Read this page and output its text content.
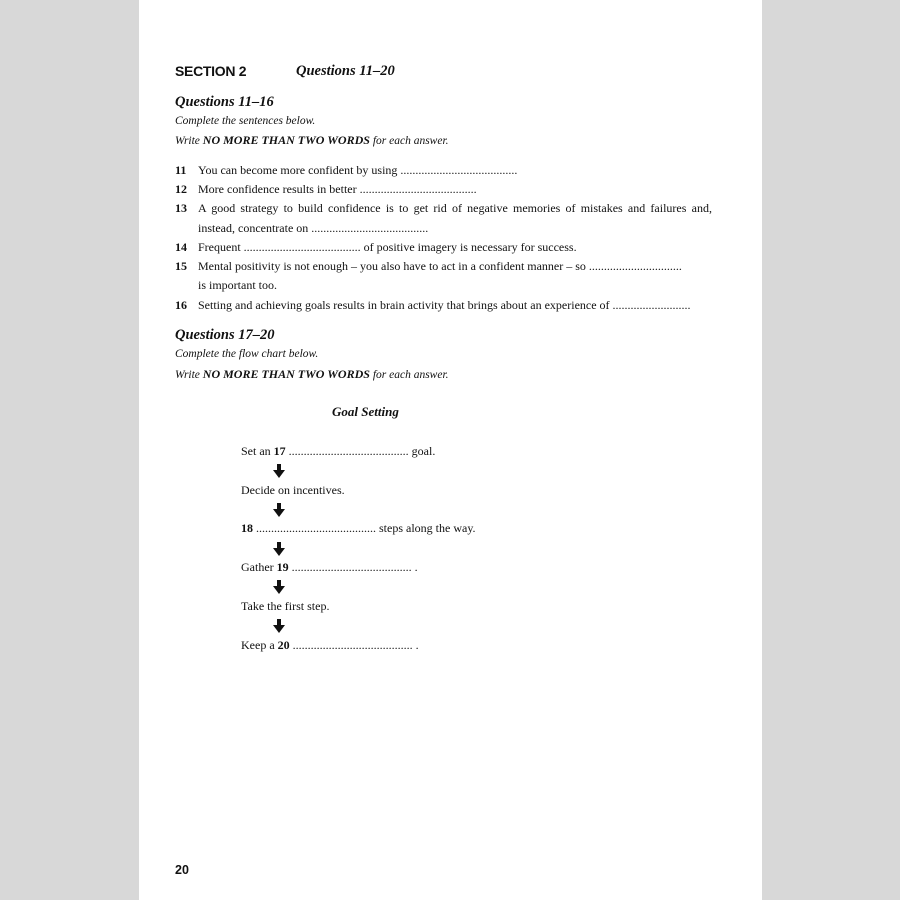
SECTION 2	Questions 11–20
Questions 11–16
Complete the sentences below.
Write NO MORE THAN TWO WORDS for each answer.
11 You can become more confident by using .......................................
12 More confidence results in better .......................................
13 A good strategy to build confidence is to get rid of negative memories of mistakes and failures and,
instead, concentrate on .......................................
14 Frequent ....................................... of positive imagery is necessary for success.
15 Mental positivity is not enough – you also have to act in a confident manner – so ...............................
is important too.
16 Setting and achieving goals results in brain activity that brings about an experience of ..........................
Questions 17–20
Complete the flow chart below.
Write NO MORE THAN TWO WORDS for each answer.
Goal Setting
Set an 17 ........................................ goal.
Decide on incentives.
18 ........................................ steps along the way.
Gather 19 ........................................ .
Take the first step.
Keep a 20 ........................................ .
20
